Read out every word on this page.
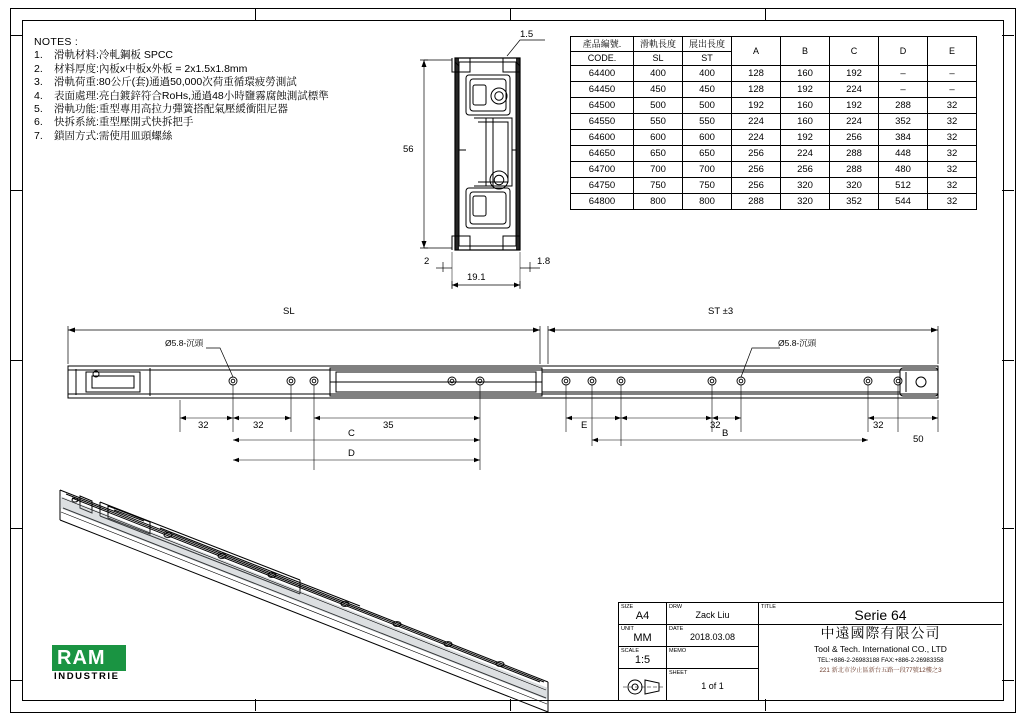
NOTES :
1.	滑軌材料:冷軋鋼板 SPCC
2.	材料厚度:內板x中板x外板 = 2x1.5x1.8mm
3.	滑軌荷重:80公斤(套)通過50,000次荷重循環疲勞測試
4.	表面處理:亮白鍍鋅符合RoHs,通過48小時鹽霧腐蝕測試標準
5.	滑軌功能:重型專用高拉力彈簧搭配氣壓緩衝阻尼器
6.	快拆系統:重型壓開式快拆把手
7.	鎖固方式:需使用皿頭螺絲
產品編號.	滑軌長度	展出長度	A	B	C	D	E
CODE.	SL	ST					
64400	400	400	128	160	192	–	–
64450	450	450	128	192	224	–	–
64500	500	500	192	160	192	288	32
64550	550	550	224	160	224	352	32
64600	600	600	224	192	256	384	32
64650	650	650	256	224	288	448	32
64700	700	700	256	256	288	480	32
64750	750	750	256	320	320	512	32
64800	800	800	288	320	352	544	32
1.5
56
2	1.8
19.1
SL	ST ±3
Ø5.8-沉頭	Ø5.8-沉頭
32	32	35	E	32	32
50
C	B
D
RAM
INDUSTRIE
SIZE
A4
DRW
Zack Liu
UNIT
MM
DATE
2018.03.08
SCALE
1:5
MEMO
SHEET
1 of 1
TITLE	Serie 64
中遠國際有限公司
Tool & Tech. International CO., LTD
TEL:+886-2-26983188 FAX:+886-2-26983358
221 新北市汐止區新台五路一段77號12樓之3
